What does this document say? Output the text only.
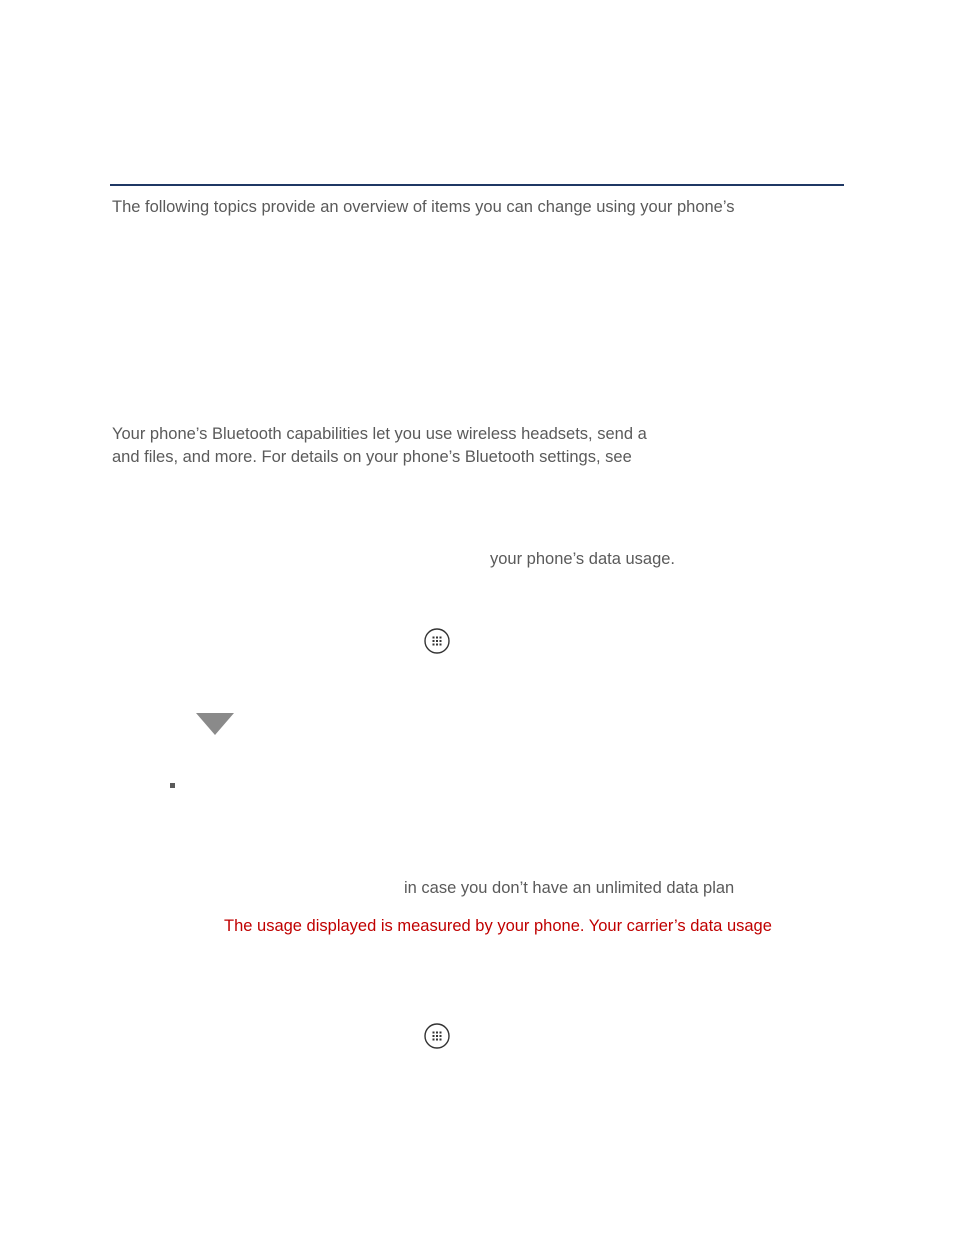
The following topics provide an overview of items you can change using your phone’s
Your phone’s Bluetooth capabilities let you use wireless headsets, send a
and files, and more. For details on your phone’s Bluetooth settings, see
your phone’s data usage.
in case you don’t have an unlimited data plan
The usage displayed is measured by your phone. Your carrier’s data usage
